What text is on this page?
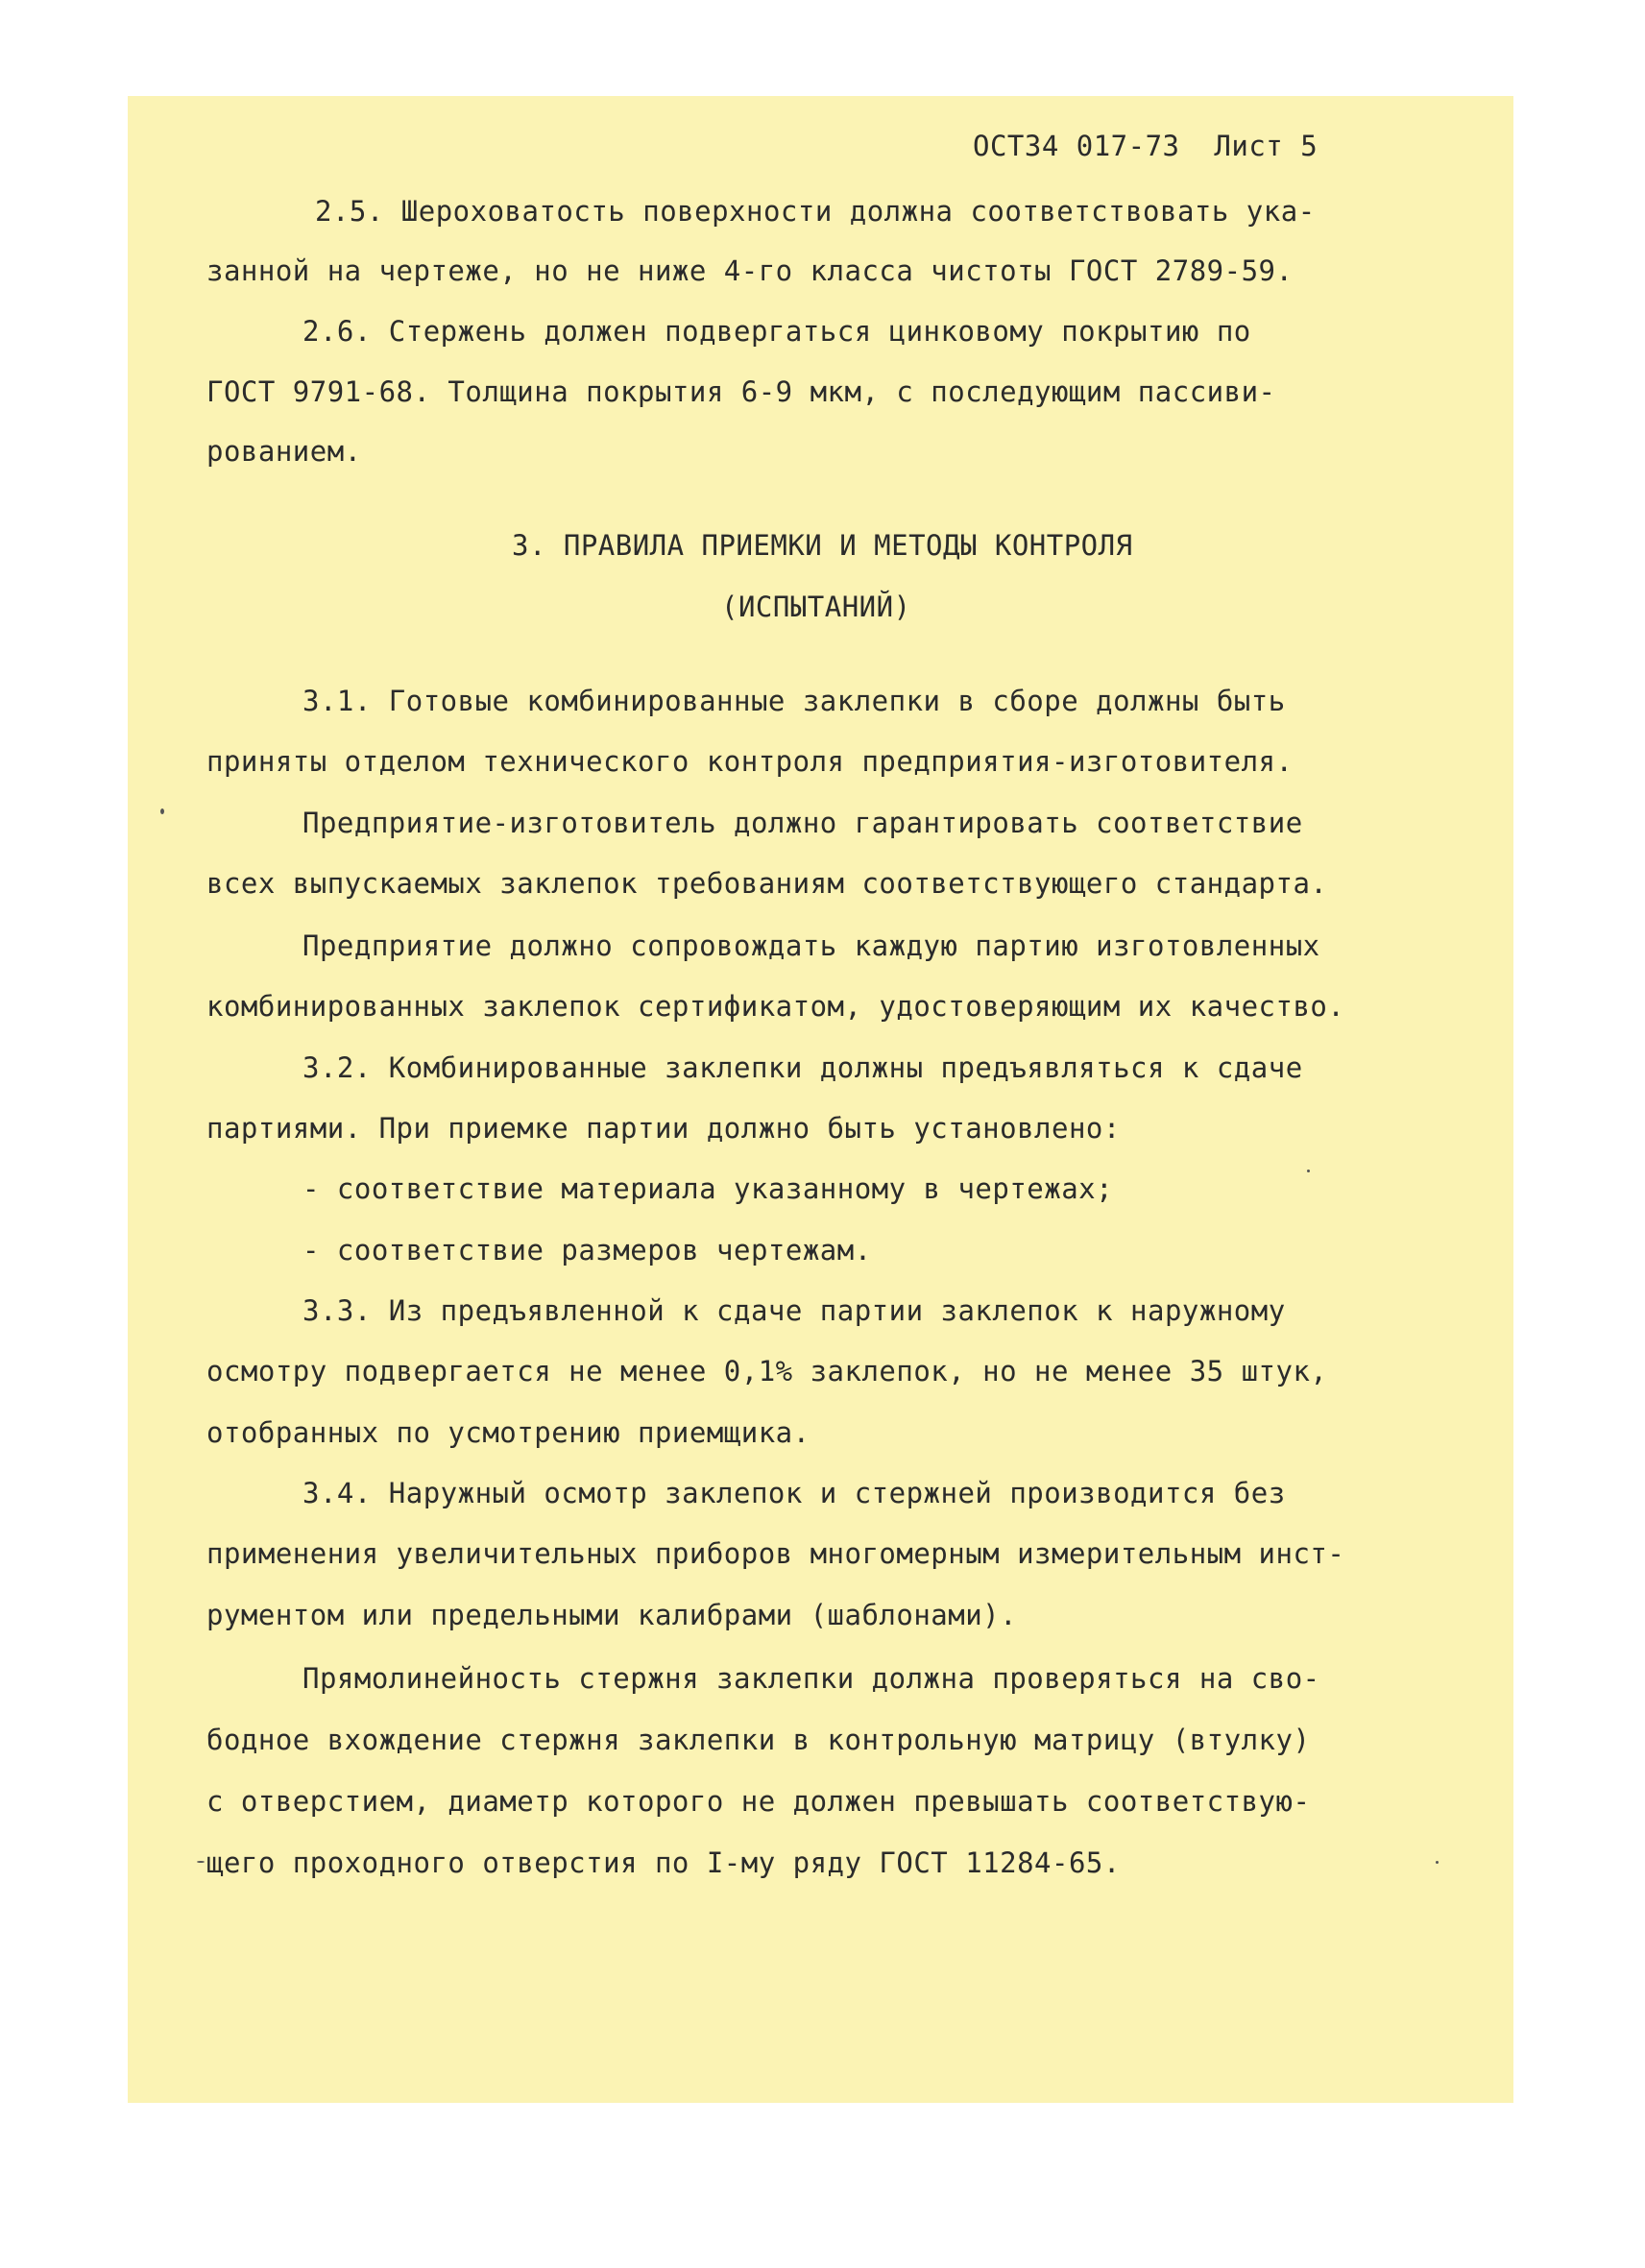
ОСТ34 017-73  Лист 5
2.5. Шероховатость поверхности должна соответствовать ука-
занной на чертеже, но не ниже 4-го класса чистоты ГОСТ 2789-59.
2.6. Стержень должен подвергаться цинковому покрытию по
ГОСТ 9791-68. Толщина покрытия 6-9 мкм, с последующим пассиви-
рованием.
3. ПРАВИЛА ПРИЕМКИ И МЕТОДЫ КОНТРОЛЯ
(ИСПЫТАНИЙ)
3.1. Готовые комбинированные заклепки в сборе должны быть
приняты отделом технического контроля предприятия-изготовителя.
Предприятие-изготовитель должно гарантировать соответствие
всех выпускаемых заклепок требованиям соответствующего стандарта.
Предприятие должно сопровождать каждую партию изготовленных
комбинированных заклепок сертификатом, удостоверяющим их качество.
3.2. Комбинированные заклепки должны предъявляться к сдаче
партиями. При приемке партии должно быть установлено:
- соответствие материала указанному в чертежах;
- соответствие размеров чертежам.
3.3. Из предъявленной к сдаче партии заклепок к наружному
осмотру подвергается не менее 0,1% заклепок, но не менее 35 штук,
отобранных по усмотрению приемщика.
3.4. Наружный осмотр заклепок и стержней производится без
применения увеличительных приборов многомерным измерительным инст-
рументом или предельными калибрами (шаблонами).
Прямолинейность стержня заклепки должна проверяться на сво-
бодное вхождение стержня заклепки в контрольную матрицу (втулку)
с отверстием, диаметр которого не должен превышать соответствую-
щего проходного отверстия по I-му ряду ГОСТ 11284-65.
